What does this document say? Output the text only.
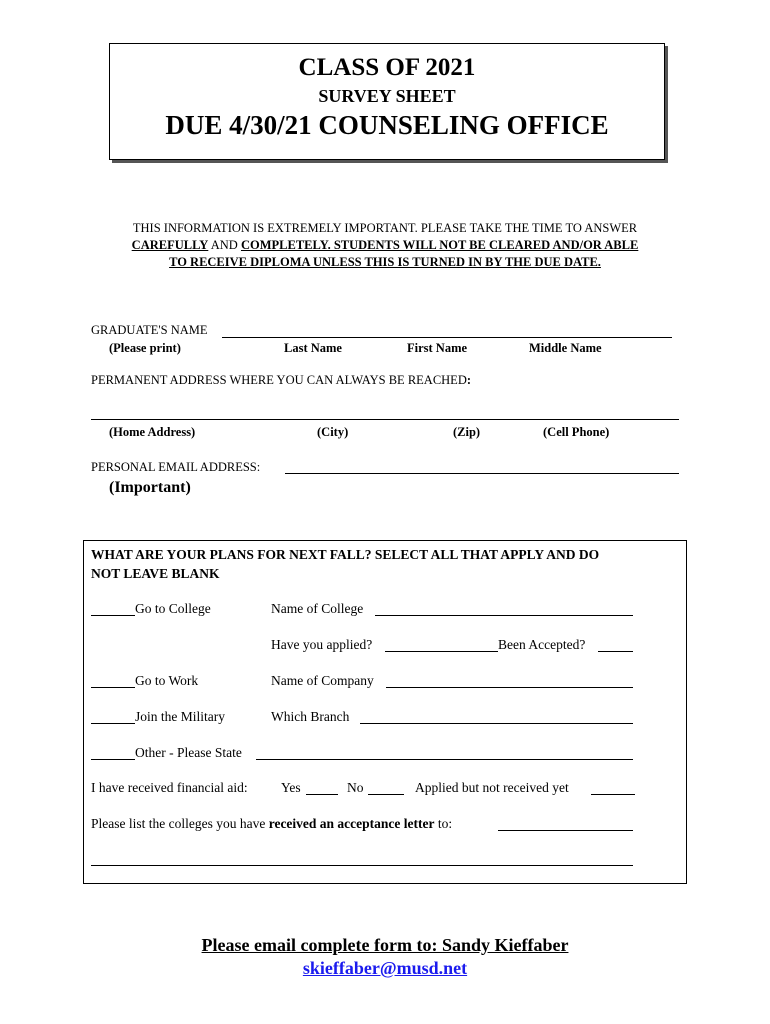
CLASS OF 2021
SURVEY SHEET
DUE 4/30/21 COUNSELING OFFICE
THIS INFORMATION IS EXTREMELY IMPORTANT. PLEASE TAKE THE TIME TO ANSWER
CAREFULLY AND COMPLETELY. STUDENTS WILL NOT BE CLEARED AND/OR ABLE
TO RECEIVE DIPLOMA UNLESS THIS IS TURNED IN BY THE DUE DATE.
GRADUATE'S NAME
(Please print)	Last Name	First Name	Middle Name
PERMANENT ADDRESS WHERE YOU CAN ALWAYS BE REACHED:
(Home Address)	(City)	(Zip)	(Cell Phone)
PERSONAL EMAIL ADDRESS:
(Important)
WHAT ARE YOUR PLANS FOR NEXT FALL? SELECT ALL THAT APPLY AND DO
NOT LEAVE BLANK
Go to College	Name of College
Have you applied?	Been Accepted?
Go to Work	Name of Company
Join the Military	Which Branch
Other - Please State
I have received financial aid: Yes	No	Applied but not received yet
Please list the colleges you have received an acceptance letter to:
Please email complete form to: Sandy Kieffaber
skieffaber@musd.net
